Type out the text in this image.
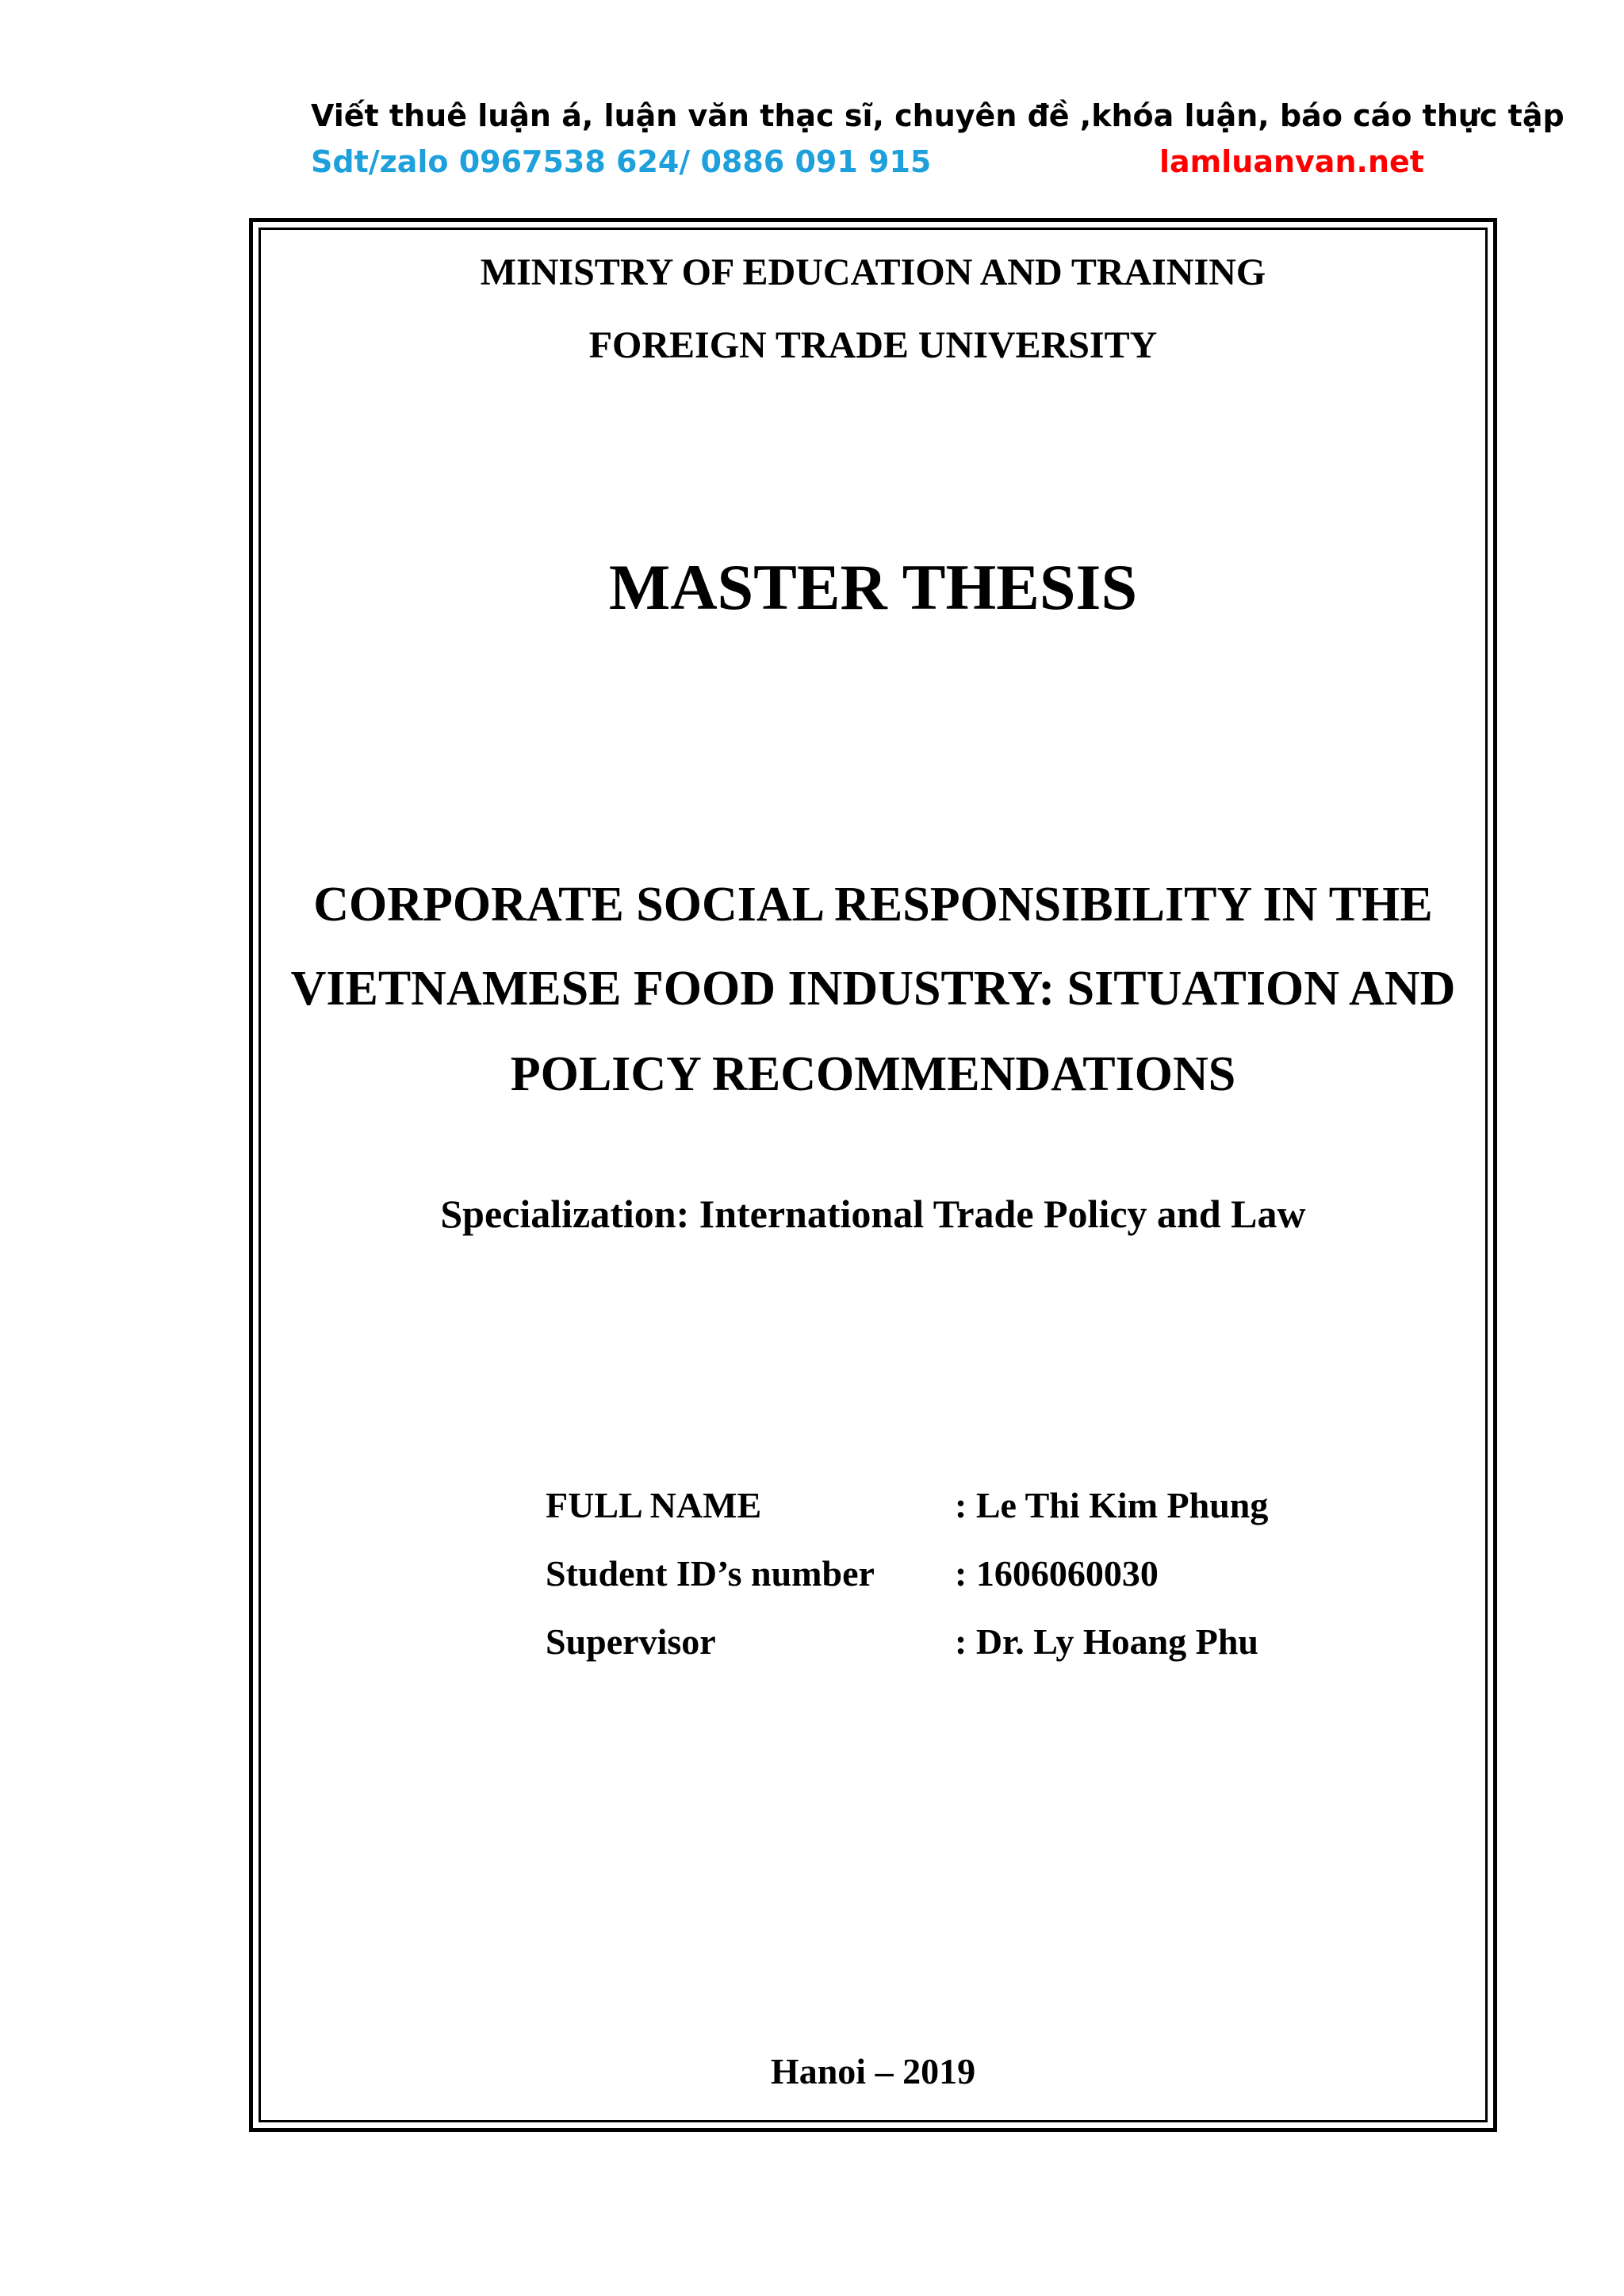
Viết thuê luận á, luận văn thạc sĩ, chuyên đề ,khóa luận, báo cáo thực tập
Sdt/zalo 0967538 624/ 0886 091 915	lamluanvan.net
MINISTRY OF EDUCATION AND TRAINING
FOREIGN TRADE UNIVERSITY
MASTER THESIS
CORPORATE SOCIAL RESPONSIBILITY IN THE
VIETNAMESE FOOD INDUSTRY: SITUATION AND
POLICY RECOMMENDATIONS
Specialization: International Trade Policy and Law
FULL NAME	: Le Thi Kim Phung
Student ID’s number : 1606060030
Supervisor	: Dr. Ly Hoang Phu
Hanoi – 2019
